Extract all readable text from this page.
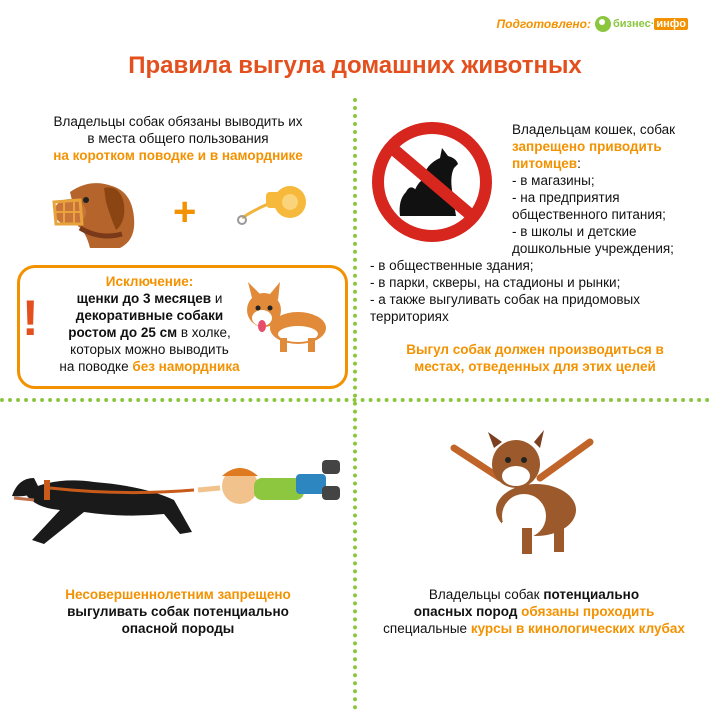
Подготовлено: бизнес· инфо
Правила выгула домашних животных
Владельцы собак обязаны выводить их
в места общего пользования
на коротком поводке и в наморднике
+
!
Исключение:
щенки до 3 месяцев и
декоративные собаки
ростом до 25 см в холке,
которых можно выводить
на поводке без намордника
Владельцам кошек, собак
запрещено приводить
питомцев:
- в магазины;
- на предприятия
общественного питания;
- в школы и детские
дошкольные учреждения;
- в общественные здания;
- в парки, скверы, на стадионы и рынки;
- а также выгуливать собак на придомовых
территориях
Выгул собак должен производиться в
местах, отведенных для этих целей
Несовершеннолетним запрещено
выгуливать собак потенциально
опасной породы
Владельцы собак потенциально
опасных пород обязаны проходить
специальные курсы в кинологических клубах
